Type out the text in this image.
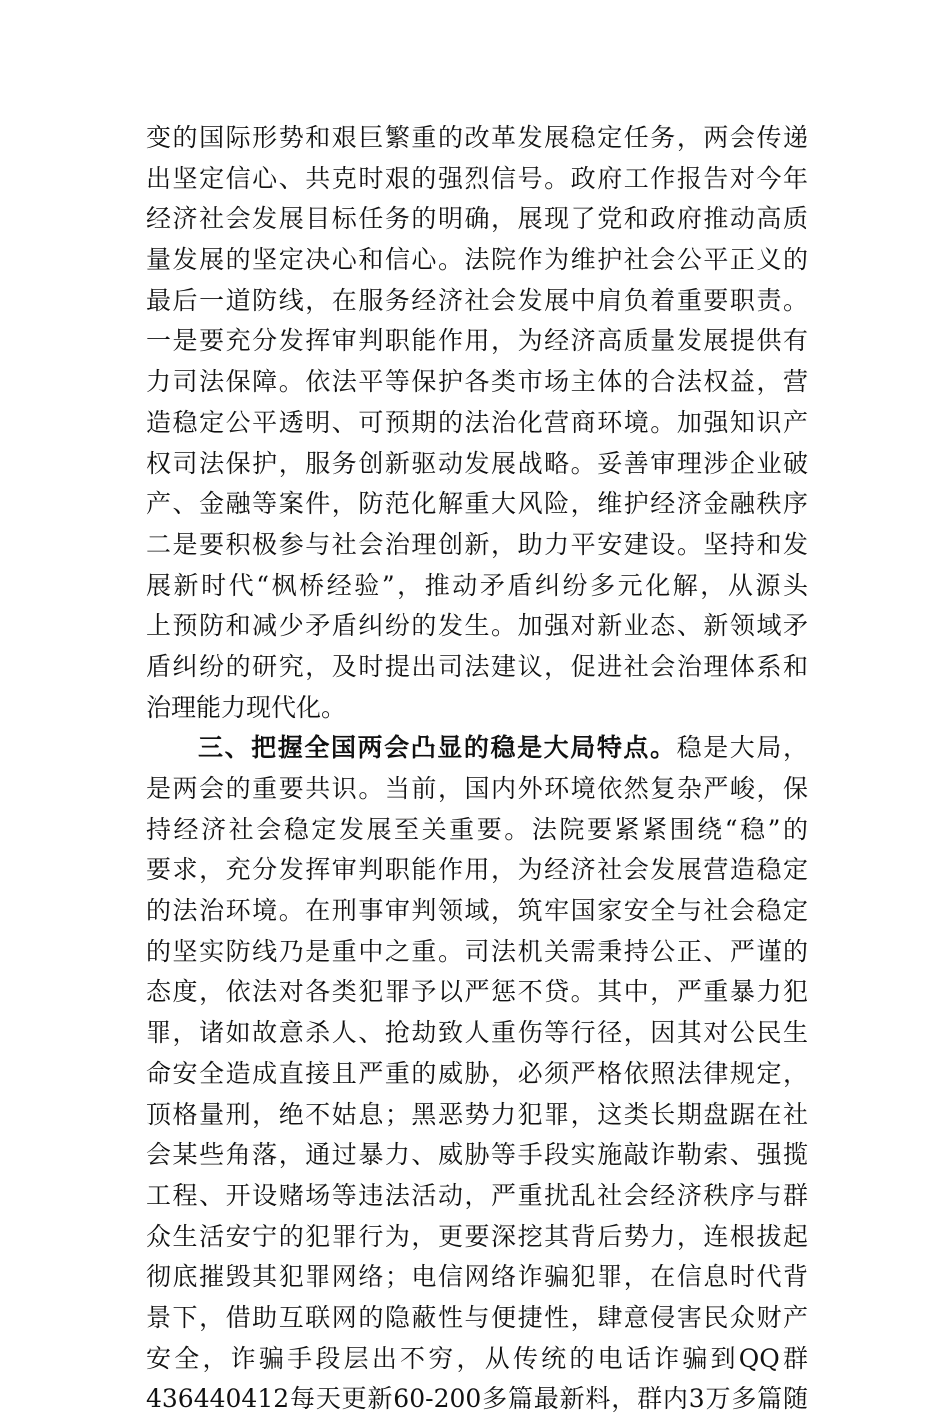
变的国际形势和艰巨繁重的改革发展稳定任务，两会传递
出坚定信心、共克时艰的强烈信号。政府工作报告对今年
经济社会发展目标任务的明确，展现了党和政府推动高质
量发展的坚定决心和信心。法院作为维护社会公平正义的
最后一道防线，在服务经济社会发展中肩负着重要职责。
一是要充分发挥审判职能作用，为经济高质量发展提供有
力司法保障。依法平等保护各类市场主体的合法权益，营
造稳定公平透明、可预期的法治化营商环境。加强知识产
权司法保护，服务创新驱动发展战略。妥善审理涉企业破
产、金融等案件，防范化解重大风险，维护经济金融秩序
二是要积极参与社会治理创新，助力平安建设。坚持和发
展新时代“枫桥经验”，推动矛盾纠纷多元化解，从源头
上预防和减少矛盾纠纷的发生。加强对新业态、新领域矛
盾纠纷的研究，及时提出司法建议，促进社会治理体系和
治理能力现代化。
三、把握全国两会凸显的稳是大局特点。稳是大局，
是两会的重要共识。当前，国内外环境依然复杂严峻，保
持经济社会稳定发展至关重要。法院要紧紧围绕“稳”的
要求，充分发挥审判职能作用，为经济社会发展营造稳定
的法治环境。在刑事审判领域，筑牢国家安全与社会稳定
的坚实防线乃是重中之重。司法机关需秉持公正、严谨的
态度，依法对各类犯罪予以严惩不贷。其中，严重暴力犯
罪，诸如故意杀人、抢劫致人重伤等行径，因其对公民生
命安全造成直接且严重的威胁，必须严格依照法律规定，
顶格量刑，绝不姑息；黑恶势力犯罪，这类长期盘踞在社
会某些角落，通过暴力、威胁等手段实施敲诈勒索、强揽
工程、开设赌场等违法活动，严重扰乱社会经济秩序与群
众生活安宁的犯罪行为，更要深挖其背后势力，连根拔起
彻底摧毁其犯罪网络；电信网络诈骗犯罪，在信息时代背
景下，借助互联网的隐蔽性与便捷性，肆意侵害民众财产
安全，诈骗手段层出不穷，从传统的电话诈骗到QQ群
436440412每天更新60-200多篇最新料，群内3万多篇随
